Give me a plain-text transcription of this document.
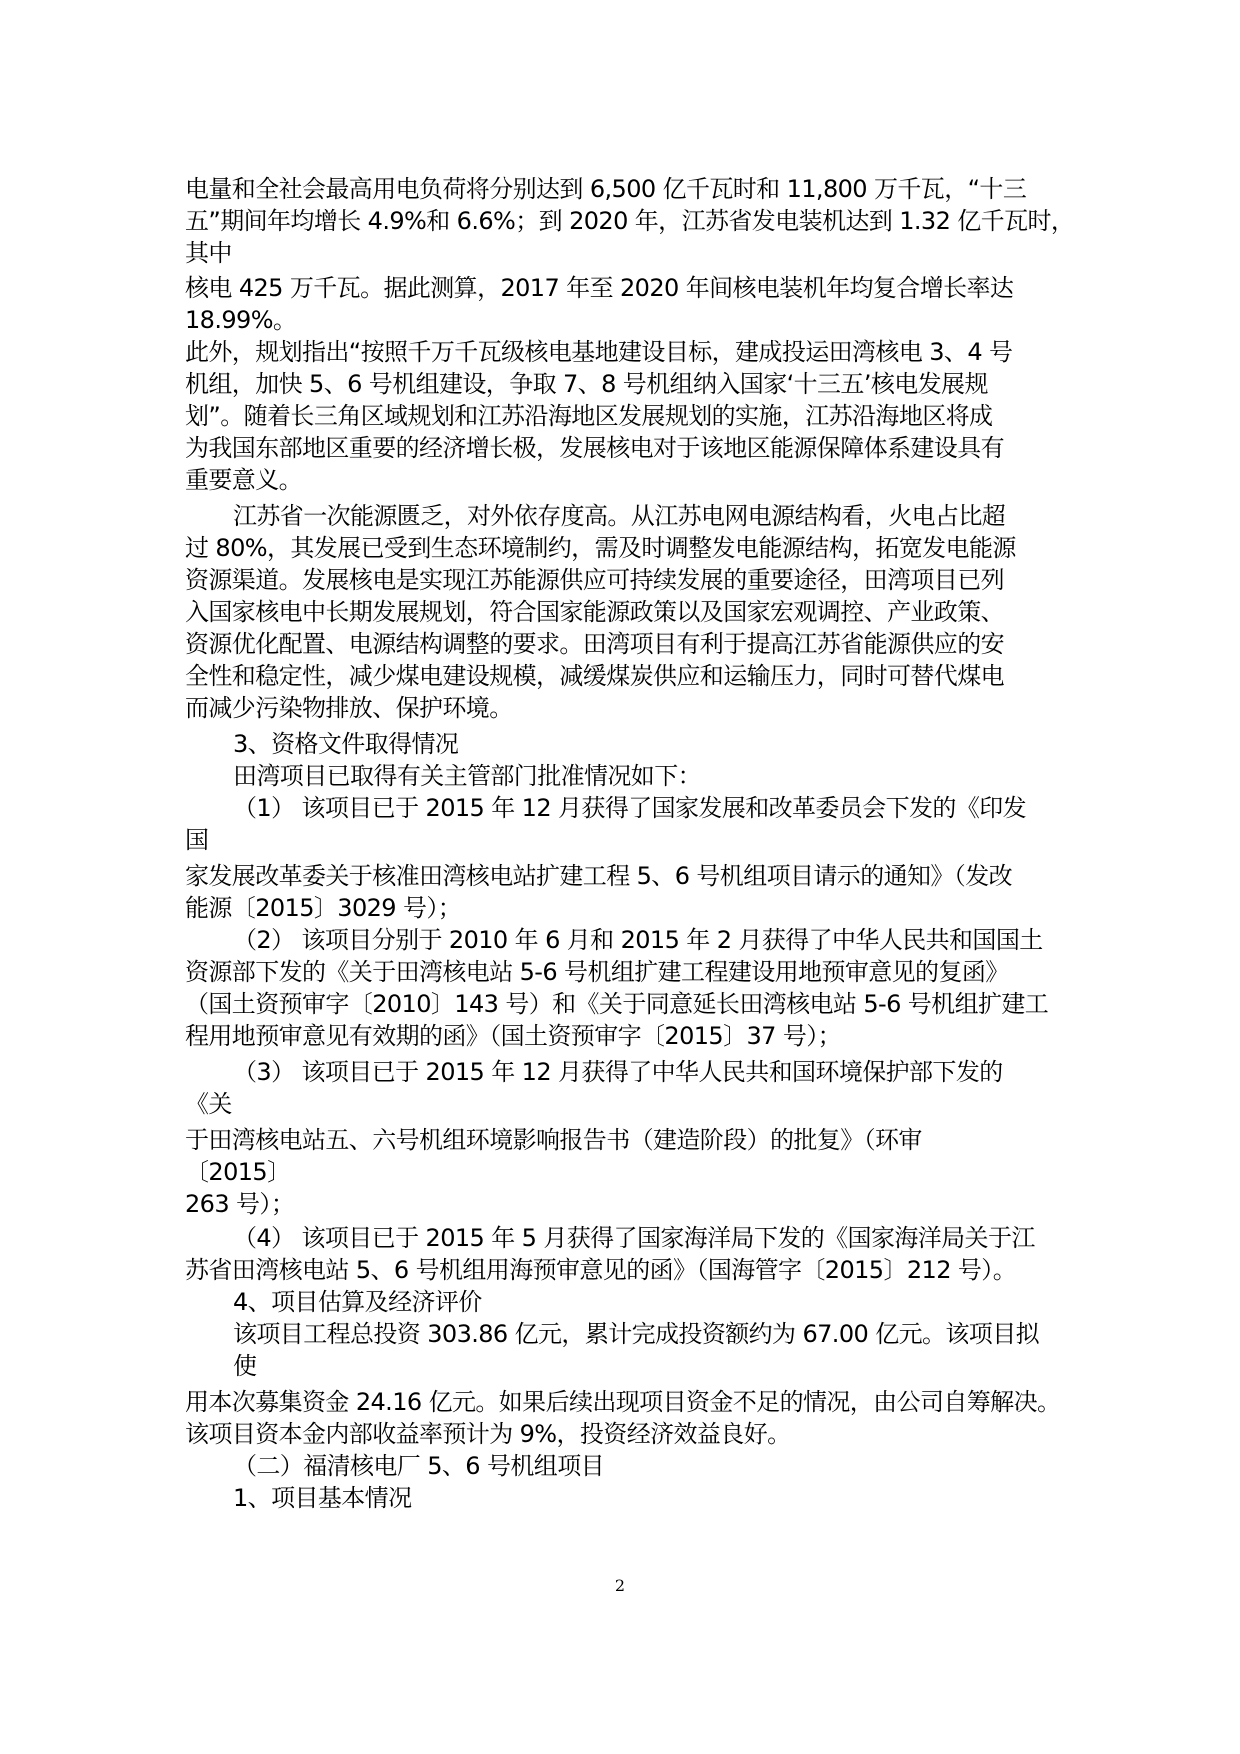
电量和全社会最高用电负荷将分别达到 6,500 亿千瓦时和 11,800 万千瓦，“十三
五”期间年均增长 4.9%和 6.6%；到 2020 年，江苏省发电装机达到 1.32 亿千瓦时，
其中
核电 425 万千瓦。据此测算，2017 年至 2020 年间核电装机年均复合增长率达
18.99%。
此外，规划指出“按照千万千瓦级核电基地建设目标，建成投运田湾核电 3、4 号
机组，加快 5、6 号机组建设，争取 7、8 号机组纳入国家‘十三五’核电发展规
划”。随着长三角区域规划和江苏沿海地区发展规划的实施，江苏沿海地区将成
为我国东部地区重要的经济增长极，发展核电对于该地区能源保障体系建设具有
重要意义。
江苏省一次能源匮乏，对外依存度高。从江苏电网电源结构看，火电占比超
过 80%，其发展已受到生态环境制约，需及时调整发电能源结构，拓宽发电能源
资源渠道。发展核电是实现江苏能源供应可持续发展的重要途径，田湾项目已列
入国家核电中长期发展规划，符合国家能源政策以及国家宏观调控、产业政策、
资源优化配置、电源结构调整的要求。田湾项目有利于提高江苏省能源供应的安
全性和稳定性，减少煤电建设规模，减缓煤炭供应和运输压力，同时可替代煤电
而减少污染物排放、保护环境。
3、资格文件取得情况
田湾项目已取得有关主管部门批准情况如下：
（1） 该项目已于 2015 年 12 月获得了国家发展和改革委员会下发的《印发
国
家发展改革委关于核准田湾核电站扩建工程 5、6 号机组项目请示的通知》（发改
能源〔2015〕3029 号）；
（2） 该项目分别于 2010 年 6 月和 2015 年 2 月获得了中华人民共和国国土
资源部下发的《关于田湾核电站 5-6 号机组扩建工程建设用地预审意见的复函》
（国土资预审字〔2010〕143 号）和《关于同意延长田湾核电站 5-6 号机组扩建工
程用地预审意见有效期的函》（国土资预审字〔2015〕37 号）；
（3） 该项目已于 2015 年 12 月获得了中华人民共和国环境保护部下发的
《关
于田湾核电站五、六号机组环境影响报告书（建造阶段）的批复》（环审
〔2015〕
263 号）；
（4） 该项目已于 2015 年 5 月获得了国家海洋局下发的《国家海洋局关于江
苏省田湾核电站 5、6 号机组用海预审意见的函》（国海管字〔2015〕212 号）。
4、项目估算及经济评价
该项目工程总投资 303.86 亿元，累计完成投资额约为 67.00 亿元。该项目拟
使
用本次募集资金 24.16 亿元。如果后续出现项目资金不足的情况，由公司自筹解决。
该项目资本金内部收益率预计为 9%，投资经济效益良好。
（二）福清核电厂 5、6 号机组项目
1、项目基本情况
2
